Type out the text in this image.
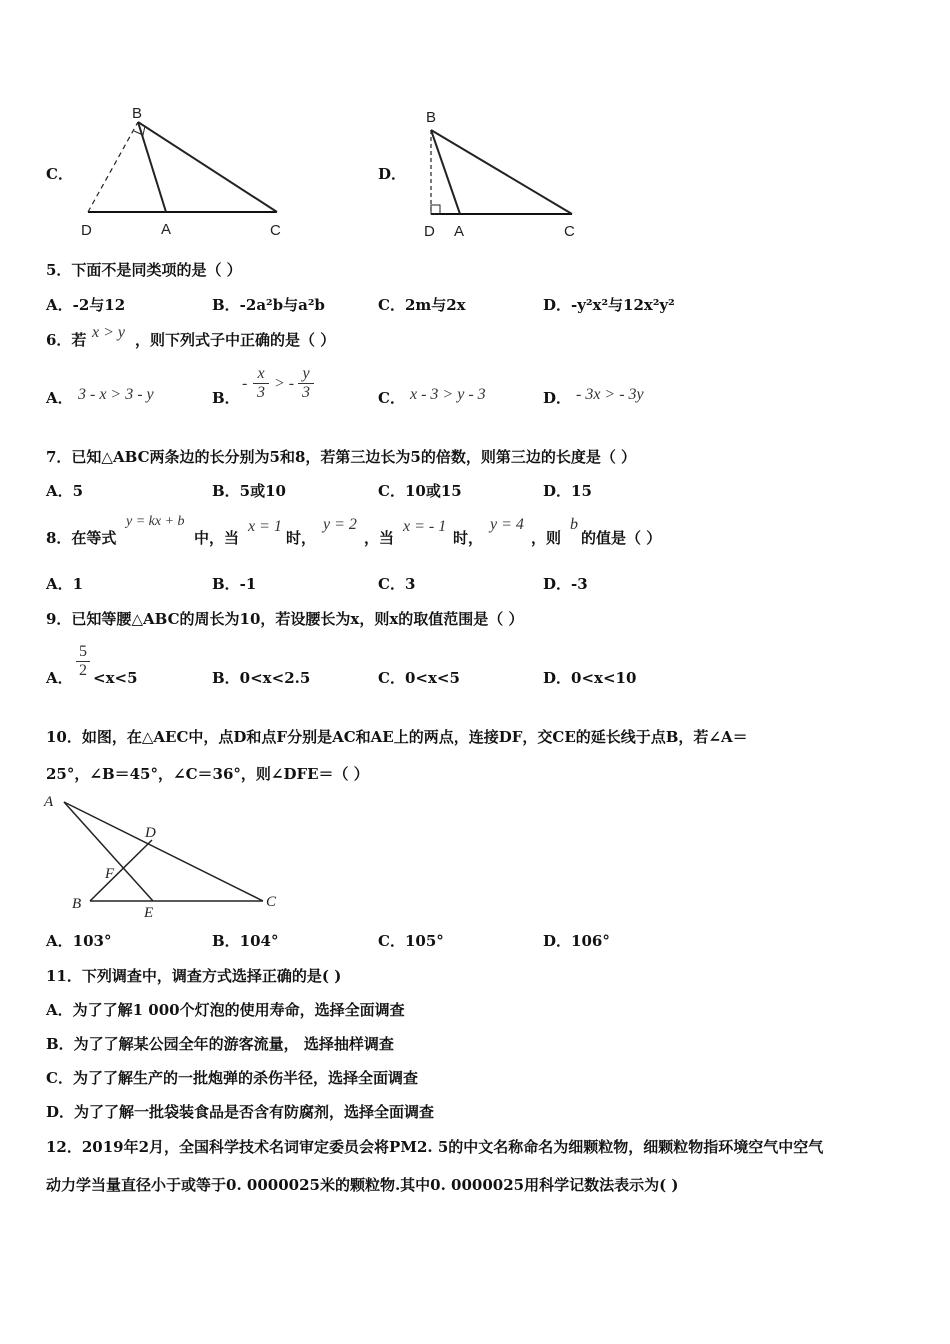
C．
B
D	A	C
D．
B
D A	C
5．下面不是同类项的是（ ）
A．-2与12	B．-2a²b与a²b	C．2m与2x	D．-y²x²与12x²y²
6．若 x > y ，则下列式子中正确的是（ ）
A． 3 - x > 3 - y	B．
-
x
3
> -
y
3	C． x - 3 > y - 3	D． - 3x > - 3y
7．已知△ABC两条边的长分别为5和8，若第三边长为5的倍数，则第三边的长度是（ ）
A．5	B．5或10	C．10或15	D．15
8．在等式
y = kx + b
中，当
x = 1
时，
y = 2
，当
x = - 1
时，
y = 4
，则
b
的值是（ ）
A．1	B．-1	C．3	D．-3
9．已知等腰△ABC的周长为10，若设腰长为x，则x的取值范围是（ ）
A．
5
2 <x<5	B．0<x<2.5	C．0<x<5	D．0<x<10
10．如图，在△AEC中，点D和点F分别是AC和AE上的两点，连接DF，交CE的延长线于点B，若∠A＝
25°，∠B＝45°，∠C＝36°，则∠DFE＝（ ）
A
D
F
B
E
C
A．103°	B．104°	C．105°	D．106°
11．下列调查中，调查方式选择正确的是( )
A．为了了解1 000个灯泡的使用寿命，选择全面调查
B．为了了解某公园全年的游客流量， 选择抽样调查
C．为了了解生产的一批炮弹的杀伤半径，选择全面调查
D．为了了解一批袋装食品是否含有防腐剂，选择全面调查
12．2019年2月，全国科学技术名词审定委员会将PM2. 5的中文名称命名为细颗粒物，细颗粒物指环境空气中空气
动力学当量直径小于或等于0. 0000025米的颗粒物.其中0. 0000025用科学记数法表示为( )
